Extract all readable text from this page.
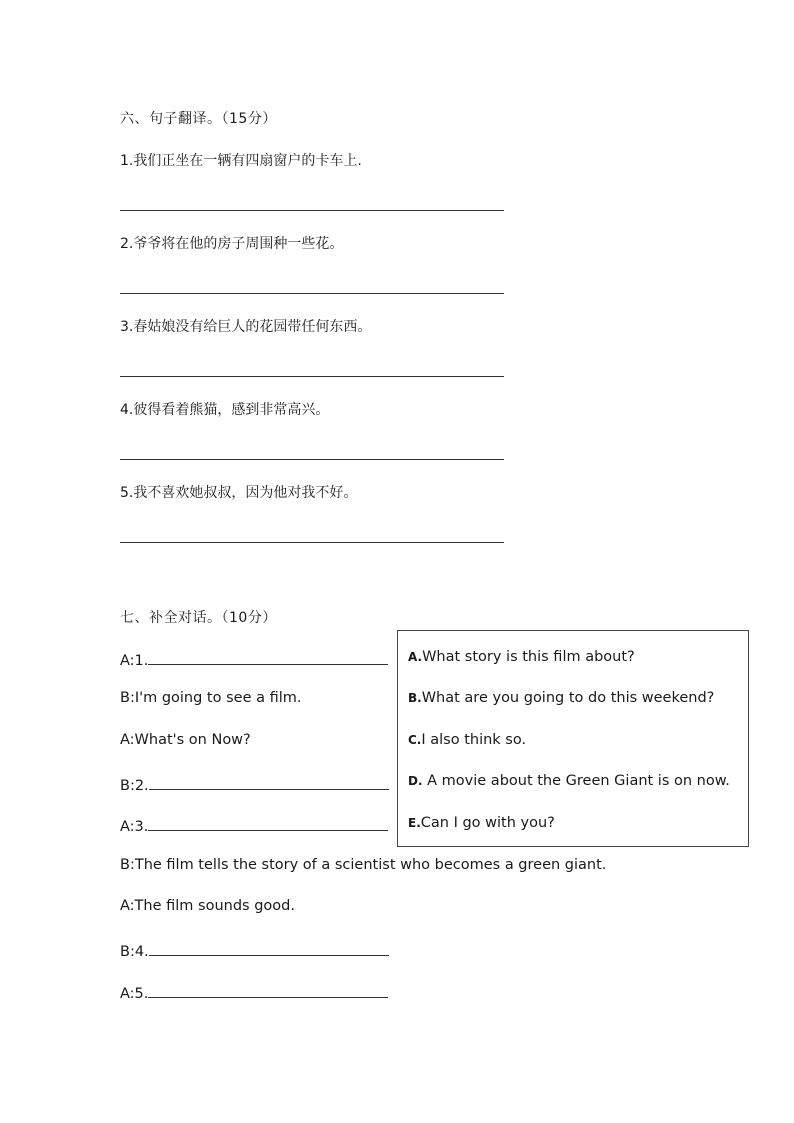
六、句子翻译。（15分）
1.我们正坐在一辆有四扇窗户的卡车上.
2.爷爷将在他的房子周围种一些花。
3.春姑娘没有给巨人的花园带任何东西。
4.彼得看着熊猫，感到非常高兴。
5.我不喜欢她叔叔，因为他对我不好。
七、补全对话。（10分）
A:1.
B:I'm going to see a film.
A:What's on Now?
B:2.
A:3.
B:The film tells the story of a scientist who becomes a green giant.
A:The film sounds good.
B:4.
A:5.
A.What story is this film about?
B.What are you going to do this weekend?
C.I also think so.
D. A movie about the Green Giant is on now.
E.Can I go with you?
